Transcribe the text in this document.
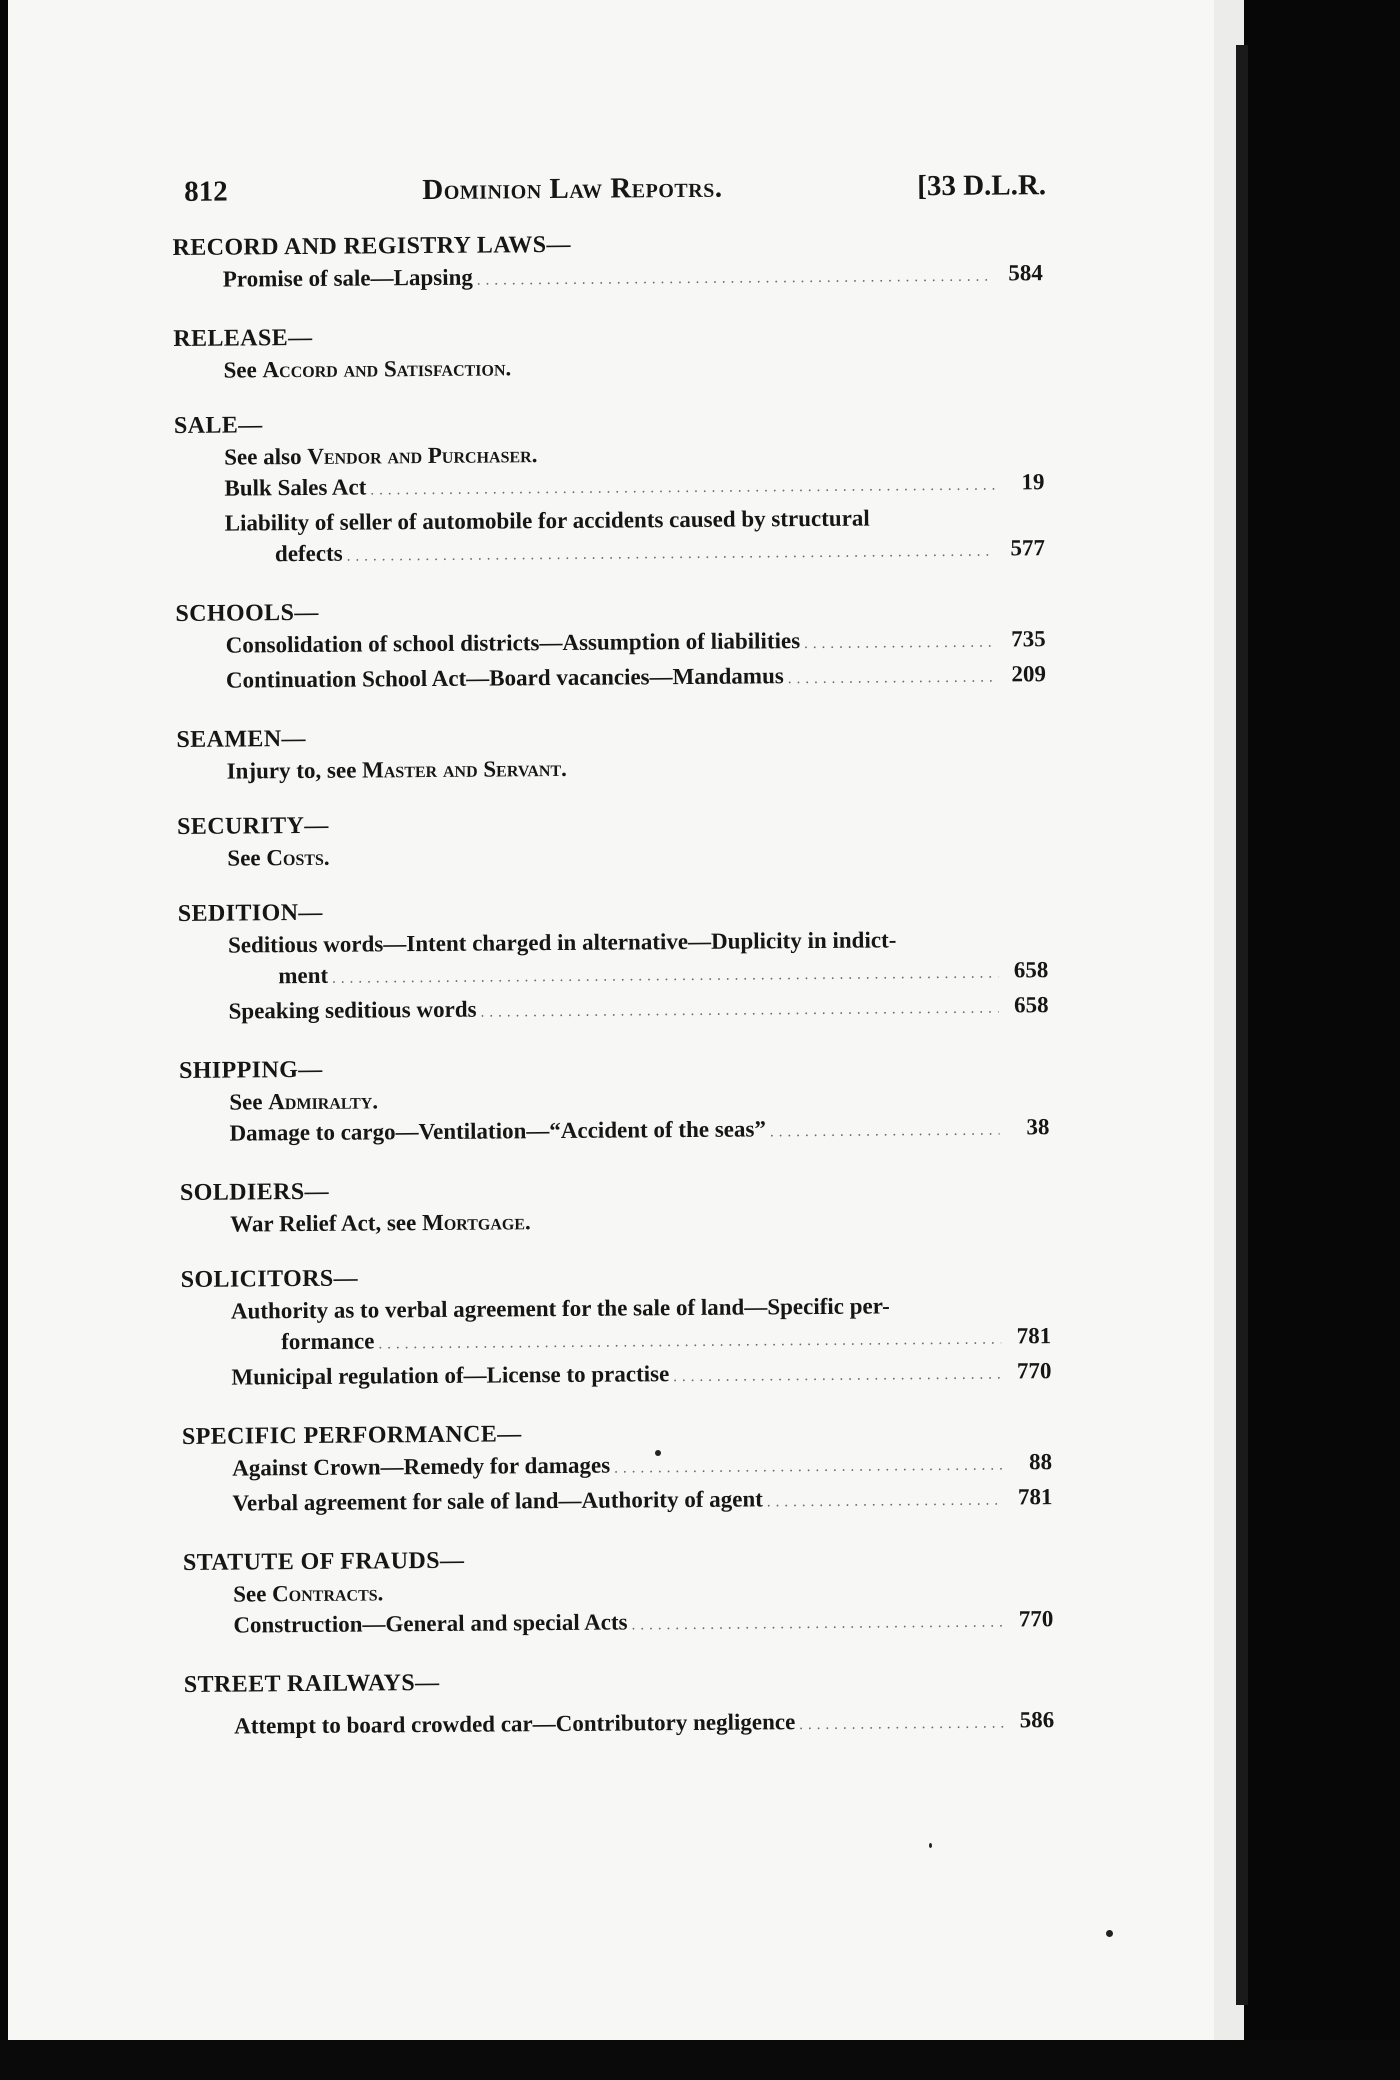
812	Dominion Law Repotrs.	[33 D.L.R.
RECORD AND REGISTRY LAWS—
Promise of sale—Lapsing .....	584
RELEASE—
See Accord and Satisfaction.
SALE—
See also Vendor and Purchaser.
Bulk Sales Act .....	19
Liability of seller of automobile for accidents caused by structural
defects .....	577
SCHOOLS—
Consolidation of school districts—Assumption of liabilities .....	735
Continuation School Act—Board vacancies—Mandamus .....	209
SEAMEN—
Injury to, see Master and Servant.
SECURITY—
See Costs.
SEDITION—
Seditious words—Intent charged in alternative—Duplicity in indict-
ment .....	658
Speaking seditious words .....	658
SHIPPING—
See Admiralty.
Damage to cargo—Ventilation—“Accident of the seas” .....	38
SOLDIERS—
War Relief Act, see Mortgage.
SOLICITORS—
Authority as to verbal agreement for the sale of land—Specific per-
formance .....	781
Municipal regulation of—License to practise .....	770
SPECIFIC PERFORMANCE—
Against Crown—Remedy for damages .....	88
Verbal agreement for sale of land—Authority of agent .....	781
STATUTE OF FRAUDS—
See Contracts.
Construction—General and special Acts .....	770
STREET RAILWAYS—
Attempt to board crowded car—Contributory negligence .....	586
